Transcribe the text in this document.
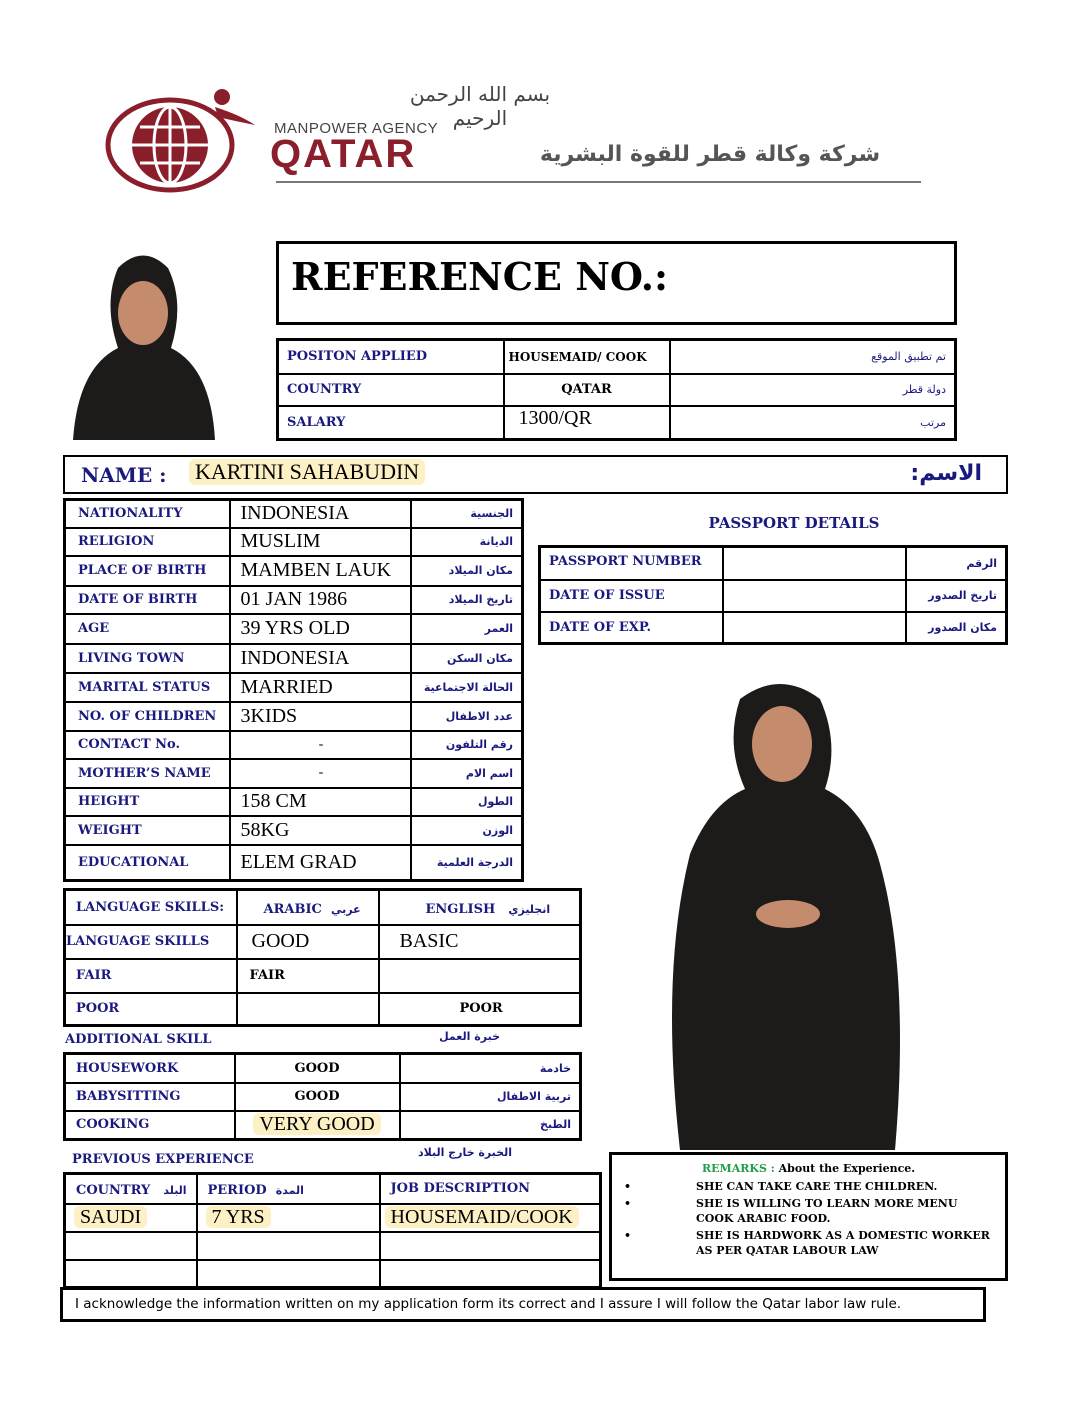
بسم الله الرحمن الرحيم
MANPOWER AGENCY
QATAR	شركة وكالة قطر للقوة البشرية
REFERENCE NO.:
POSITON APPLIED	HOUSEMAID/ COOK	تم تطبيق الموقع
COUNTRY	QATAR	دولة قطر
SALARY	1300/QR	مرتب
NAME : KARTINI SAHABUDIN	الاسم:
NATIONALITY	INDONESIA	الجنسية
RELIGION	MUSLIM	الديانة
PLACE OF BIRTH	MAMBEN LAUK	مكان الميلاد
DATE OF BIRTH	01 JAN 1986	تاريخ الميلاد
AGE	39 YRS OLD	العمر
LIVING TOWN	INDONESIA	مكان السكن
MARITAL STATUS	MARRIED	الحالة الاجتماعية
NO. OF CHILDREN	3KIDS	عدد الاطفال
CONTACT No.	-	رقم التلفون
MOTHER’S NAME	-	اسم الام
HEIGHT	158 CM	الطول
WEIGHT	58KG	الوزن
EDUCATIONAL	ELEM GRAD	الدرجة العلمية
PASSPORT DETAILS
PASSPORT NUMBER		الرقم
DATE OF ISSUE		تاريخ الصدور
DATE OF EXP.		مكان الصدور
LANGUAGE SKILLS:	ARABIC عربي	ENGLISH انجليزي
LANGUAGE SKILLS	GOOD	BASIC
FAIR	FAIR	
POOR		POOR
ADDITIONAL SKILL	خبرة العمل
HOUSEWORK	GOOD	خادمة
BABYSITTING	GOOD	تربية الاطفال
COOKING	VERY GOOD	الطبخ
PREVIOUS EXPERIENCE	الخبرة خارج البلاد
COUNTRY البلد	PERIOD المدة	JOB DESCRIPTION
SAUDI	7 YRS	HOUSEMAID/COOK

REMARKS : About the Experience.
•	SHE CAN TAKE CARE THE CHILDREN.
•	SHE IS WILLING TO LEARN MORE MENU COOK ARABIC FOOD.
•	SHE IS HARDWORK AS A DOMESTIC WORKER AS PER QATAR LABOUR LAW
I acknowledge the information written on my application form its correct and I assure I will follow the Qatar labor law rule.
